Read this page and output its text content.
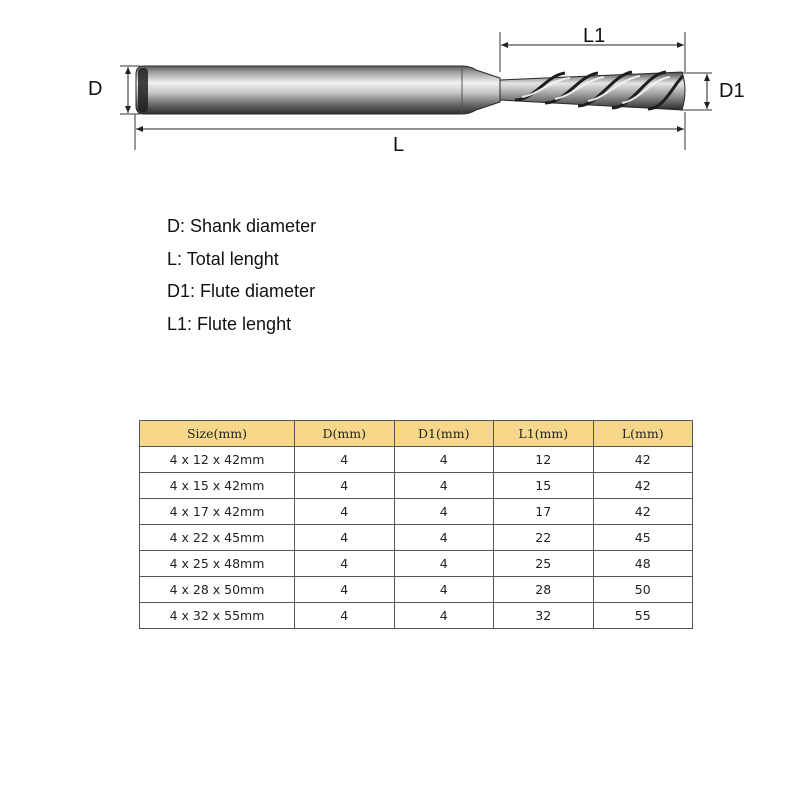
D
L
L1
D1
D: Shank diameter
L: Total lenght
D1: Flute diameter
L1: Flute lenght
Size(mm)	D(mm)	D1(mm)	L1(mm)	L(mm)
4 x 12 x 42mm	4	4	12	42
4 x 15 x 42mm	4	4	15	42
4 x 17 x 42mm	4	4	17	42
4 x 22 x 45mm	4	4	22	45
4 x 25 x 48mm	4	4	25	48
4 x 28 x 50mm	4	4	28	50
4 x 32 x 55mm	4	4	32	55
